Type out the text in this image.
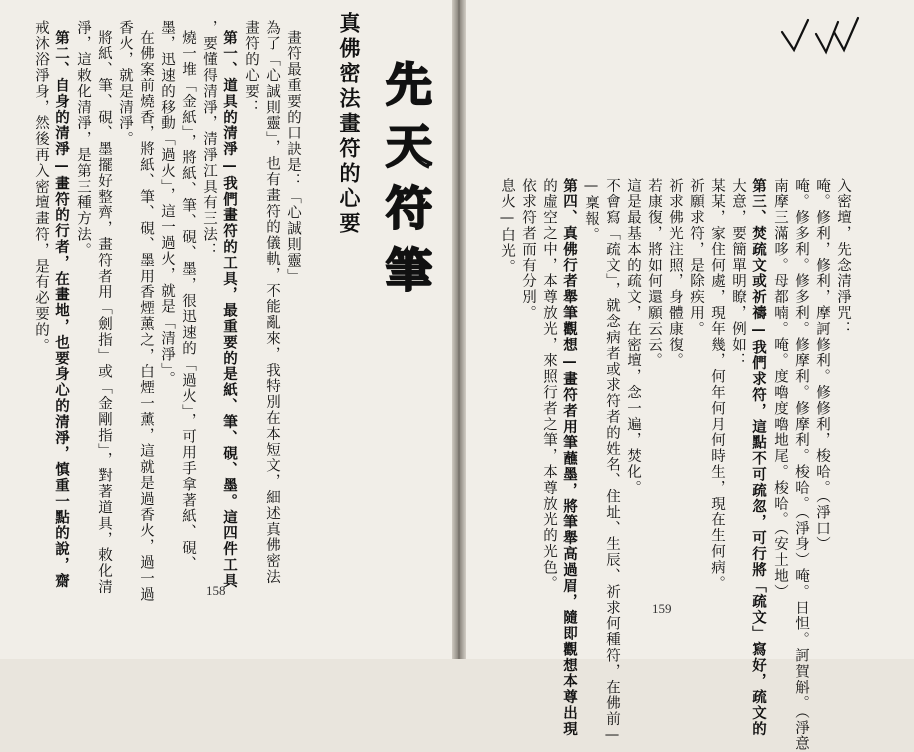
先天符筆
真佛密法畫符的心要
畫符最重要的口訣是：「心誠則靈」
為了「心誠則靈」，也有畫符的儀軌，不能亂來，我特別在本短文，細述真佛密法
畫符的心要：
第一、道具的清淨—我們畫符的工具，最重要的是紙、筆、硯、墨。這四件工具
，要懂得清淨，清淨江具有三法：
燒一堆「金紙」，將紙、筆、硯、墨，很迅速的「過火」，可用手拿著紙、硯、
墨，迅速的移動「過火」，這一過火，就是「清淨」。
在佛案前燒香，將紙、筆、硯、墨用香煙薰之，白煙一薰，這就是過香火，過一過
香火，就是清淨。
將紙、筆、硯、墨擺好整齊，畫符者用「劍指」或「金剛指」，對著道具，敕化清
淨，這敕化清淨，是第三種方法。
第二、自身的清淨—畫符的行者，在畫地，也要身心的清淨，慎重一點的說，齋
戒沐浴淨身，然後再入密壇畫符，是有必要的。
158
入密壇，先念清淨咒：
唵。修利，修利，摩訶修利。修修利，梭哈。（淨口）
唵。修多利。修多利。修摩利。修摩利。梭哈。（淨身）唵。日怛。訶賀斛。（淨意
南摩三滿哆。母都喃。唵。度嚕度嚕地尾。梭哈。（安土地）
第三、焚疏文或祈禱—我們求符，這點不可疏忽，可行將「疏文」寫好，疏文的
大意，要簡單明瞭，例如：
某某，家住何處，現年幾，何年何月何時生，現在生何病。
祈願求符，是除疾用。
祈求佛光注照，身體康復。
若康復，將如何還願云云。
這是最基本的疏文，在密壇，念一遍，焚化。
不會寫「疏文」，就念病者或求符者的姓名、住址、生辰、祈求何種符，在佛前—
—稟報。
第四、真佛行者舉筆觀想—畫符者用筆蘸墨，將筆舉高過眉，隨即觀想本尊出現
的虛空之中，本尊放光，來照行者之筆，本尊放光的光色。
依求符者而有分別。
息火—白光。
159
